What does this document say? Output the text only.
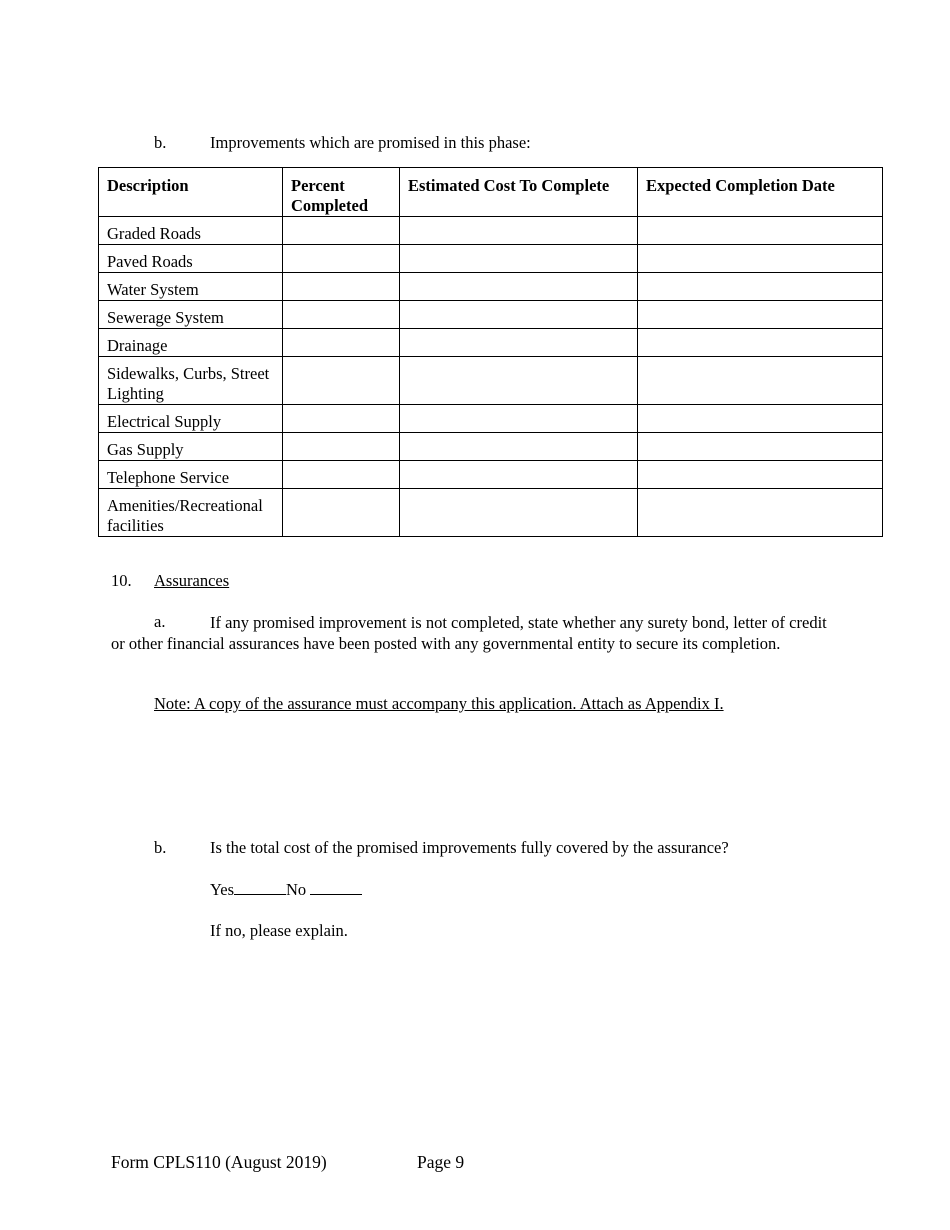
b.	Improvements which are promised in this phase:
Description	Percent Completed	Estimated Cost To Complete	Expected Completion Date
Graded Roads			
Paved Roads			
Water System			
Sewerage System			
Drainage			
Sidewalks, Curbs, Street Lighting			
Electrical Supply			
Gas Supply			
Telephone Service			
Amenities/Recreational facilities			
10. Assurances
a.	If any promised improvement is not completed, state whether any surety bond, letter of credit or other financial assurances have been posted with any governmental entity to secure its completion.
Note: A copy of the assurance must accompany this application. Attach as Appendix I.
b.	Is the total cost of the promised improvements fully covered by the assurance?
Yes	No
If no, please explain.
Form CPLS110 (August 2019)	Page 9
